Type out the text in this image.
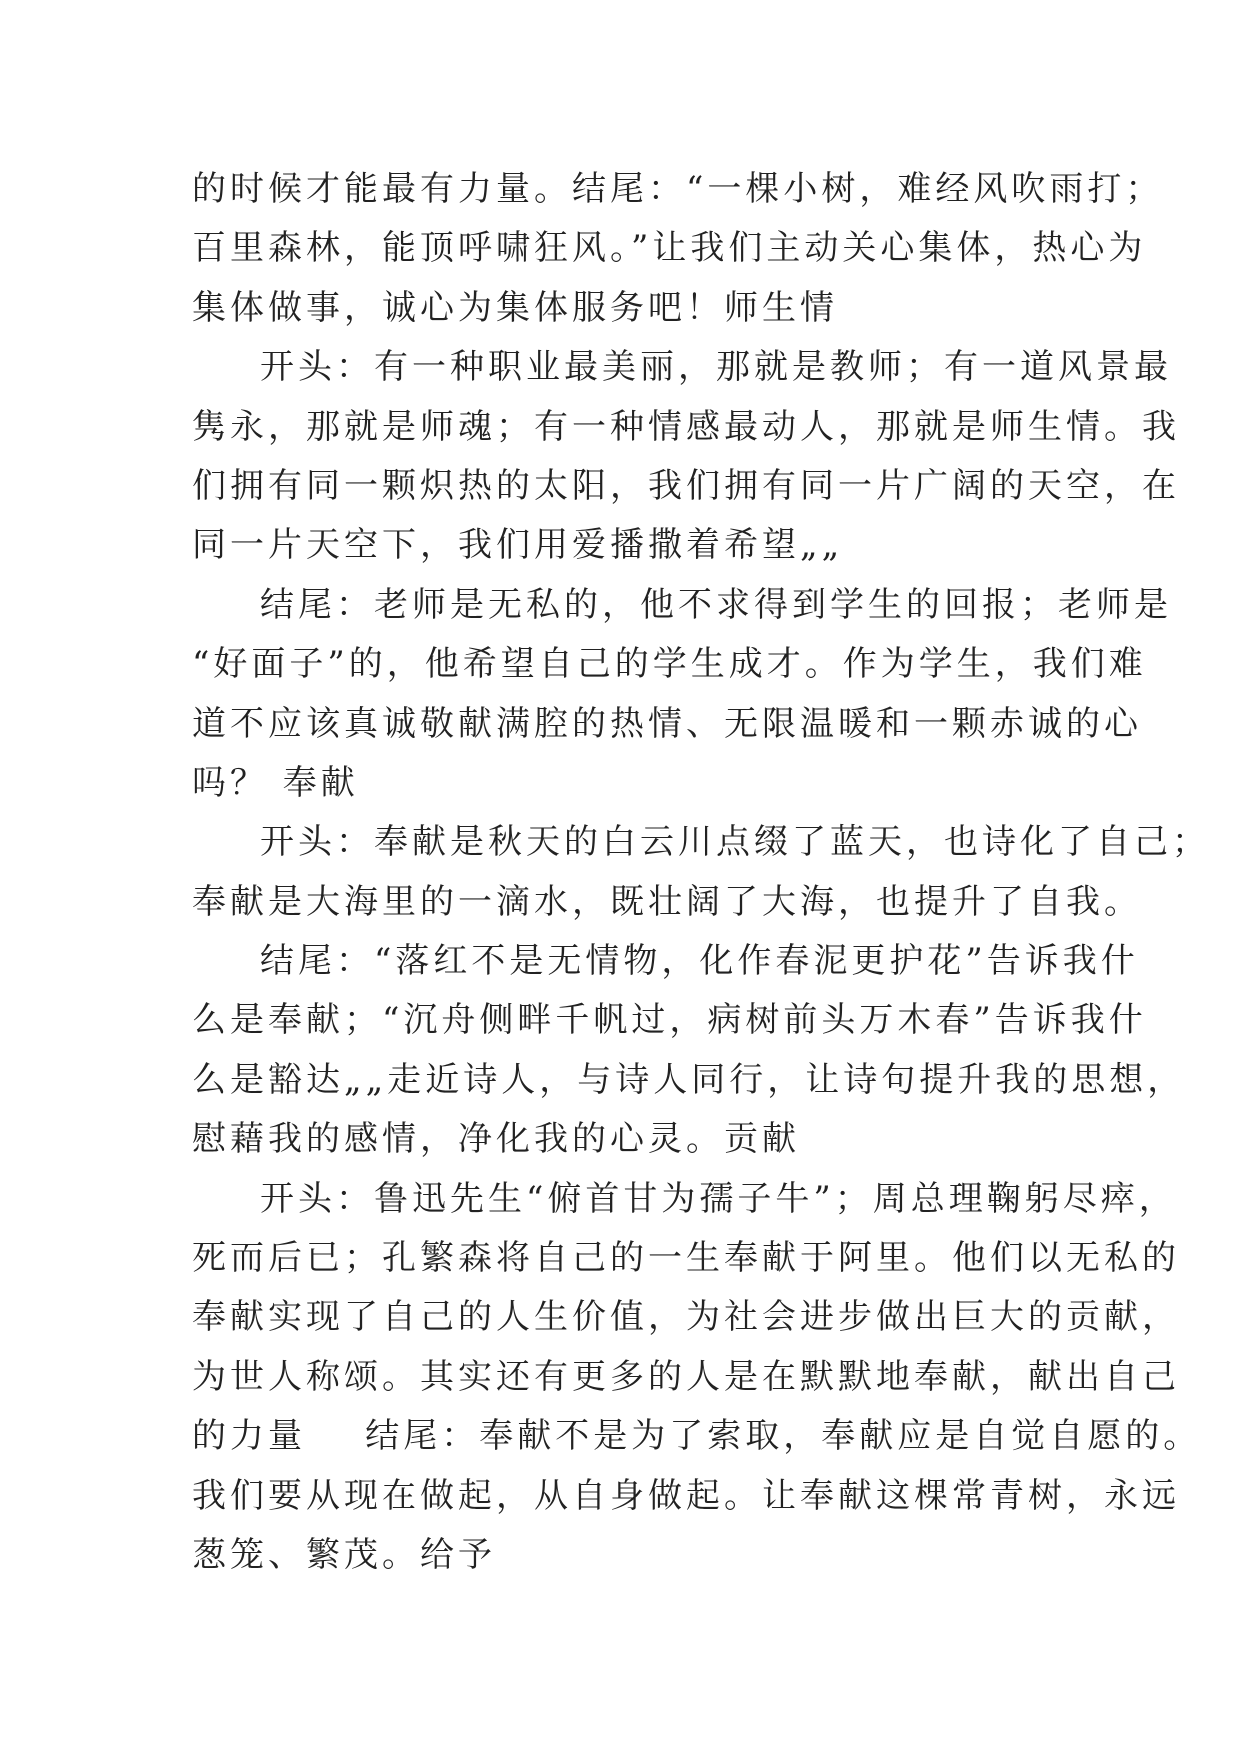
的时候才能最有力量。结尾：“一棵小树，难经风吹雨打；
百里森林，能顶呼啸狂风。”让我们主动关心集体，热心为
集体做事，诚心为集体服务吧！师生情
开头：有一种职业最美丽，那就是教师；有一道风景最
隽永，那就是师魂；有一种情感最动人，那就是师生情。我
们拥有同一颗炽热的太阳，我们拥有同一片广阔的天空，在
同一片天空下，我们用爱播撒着希望„„
结尾：老师是无私的，他不求得到学生的回报；老师是
“好面子”的，他希望自己的学生成才。作为学生，我们难
道不应该真诚敬献满腔的热情、无限温暖和一颗赤诚的心
吗？ 奉献
开头：奉献是秋天的白云川点缀了蓝天，也诗化了自己；
奉献是大海里的一滴水，既壮阔了大海，也提升了自我。
结尾：“落红不是无情物，化作春泥更护花”告诉我什
么是奉献；“沉舟侧畔千帆过，病树前头万木春”告诉我什
么是豁达„„走近诗人，与诗人同行，让诗句提升我的思想，
慰藉我的感情，净化我的心灵。贡献
开头：鲁迅先生“俯首甘为孺子牛”；周总理鞠躬尽瘁，
死而后已；孔繁森将自己的一生奉献于阿里。他们以无私的
奉献实现了自己的人生价值，为社会进步做出巨大的贡献，
为世人称颂。其实还有更多的人是在默默地奉献，献出自己
的力量    结尾：奉献不是为了索取，奉献应是自觉自愿的。
我们要从现在做起，从自身做起。让奉献这棵常青树，永远
葱笼、繁茂。给予
